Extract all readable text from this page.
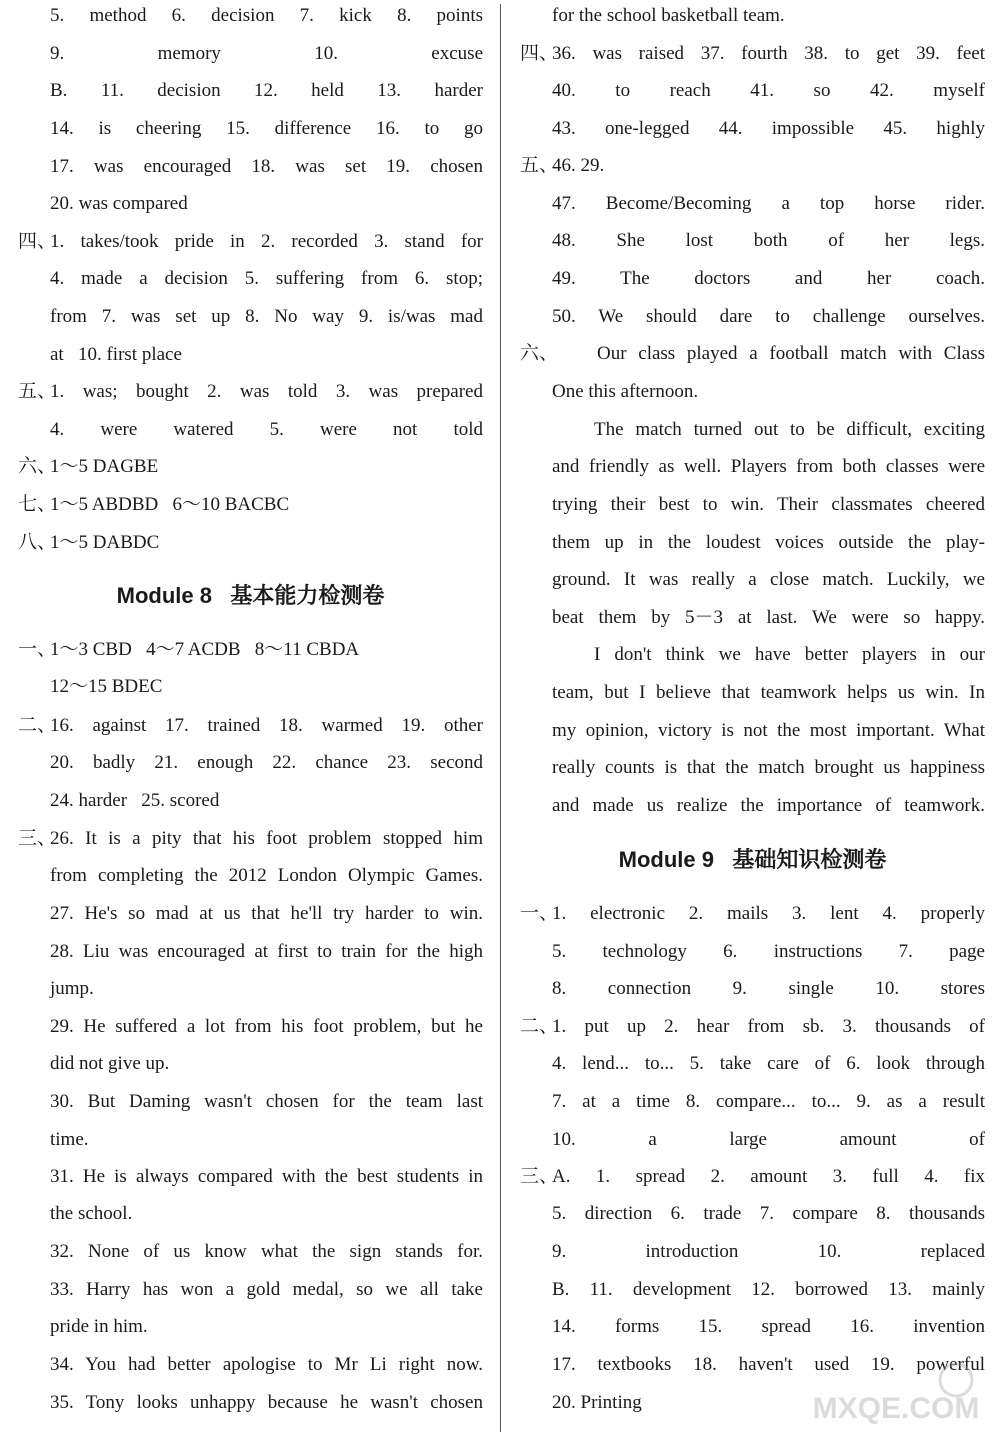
5. method 6. decision 7. kick 8. points
9. memory 10. excuse
B. 11. decision 12. held 13. harder
14. is cheering 15. difference 16. to go
17. was encouraged 18. was set 19. chosen
20. was compared
四、
1. takes/took pride in 2. recorded 3. stand for
4. made a decision 5. suffering from 6. stop;
from 7. was set up 8. No way 9. is/was mad
at   10. first place
五、
1. was; bought 2. was told 3. was prepared
4. were watered 5. were not told
六、
1～5 DAGBE
七、
1～5 ABDBD   6～10 BACBC
八、
1～5 DABDC
Module 8   基本能力检测卷
一、
1～3 CBD   4～7 ACDB   8～11 CBDA
12～15 BDEC
二、
16. against 17. trained 18. warmed 19. other
20. badly 21. enough 22. chance 23. second
24. harder   25. scored
三、
26. It is a pity that his foot problem stopped him
from completing the 2012 London Olympic Games.
27. He's so mad at us that he'll try harder to win.
28. Liu was encouraged at first to train for the high
jump.
29. He suffered a lot from his foot problem, but he
did not give up.
30. But Daming wasn't chosen for the team last
time.
31. He is always compared with the best students in
the school.
32. None of us know what the sign stands for.
33. Harry has won a gold medal, so we all take
pride in him.
34. You had better apologise to Mr Li right now.
35. Tony looks unhappy because he wasn't chosen
for the school basketball team.
四、
36. was raised 37. fourth 38. to get 39. feet
40. to reach 41. so 42. myself
43. one-legged 44. impossible 45. highly
五、
46. 29.
47. Become/Becoming a top horse rider.
48. She lost both of her legs.
49. The doctors and her coach.
50. We should dare to challenge ourselves.
六、 Our class played a football match with Class
One this afternoon.
The match turned out to be difficult, exciting
and friendly as well. Players from both classes were
trying their best to win. Their classmates cheered
them up in the loudest voices outside the play-
ground. It was really a close match. Luckily, we
beat them by 5－3 at last. We were so happy.
I don't think we have better players in our
team, but I believe that teamwork helps us win. In
my opinion, victory is not the most important. What
really counts is that the match brought us happiness
and made us realize the importance of teamwork.
Module 9   基础知识检测卷
一、
1. electronic 2. mails 3. lent 4. properly
5. technology 6. instructions 7. page
8. connection 9. single 10. stores
二、
1. put up 2. hear from sb. 3. thousands of
4. lend... to... 5. take care of 6. look through
7. at a time 8. compare... to... 9. as a result
10. a large amount of
三、
A. 1. spread 2. amount 3. full 4. fix
5. direction 6. trade 7. compare 8. thousands
9. introduction 10. replaced
B. 11. development 12. borrowed 13. mainly
14. forms 15. spread 16. invention
17. textbooks 18. haven't used 19. powerful
20. Printing	MXQE.COM
